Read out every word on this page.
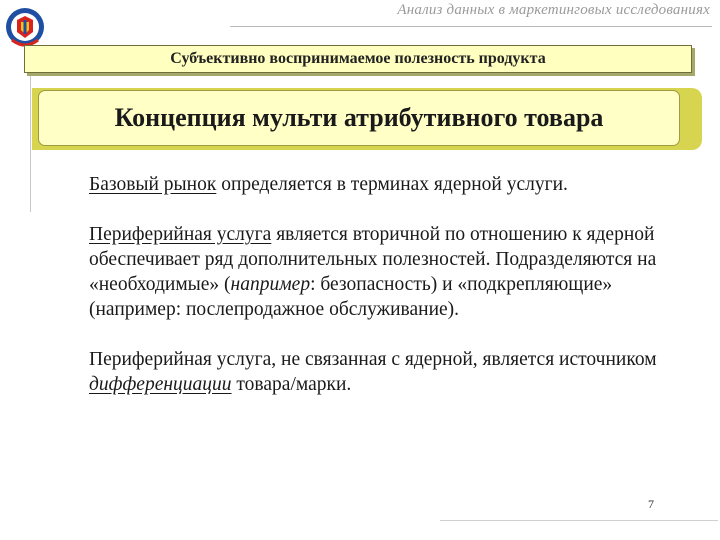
Анализ данных в маркетинговых исследованиях
Субъективно воспринимаемое полезность продукта
Концепция мульти атрибутивного товара

Базовый рынок определяется в терминах ядерной услуги.

Периферийная услуга является вторичной по отношению к ядерной обеспечивает ряд дополнительных полезностей. Подразделяются на «необходимые» (например: безопасность) и «подкрепляющие» (например: послепродажное обслуживание).

Периферийная услуга, не связанная с ядерной, является источником дифференциации товара/марки.

7
